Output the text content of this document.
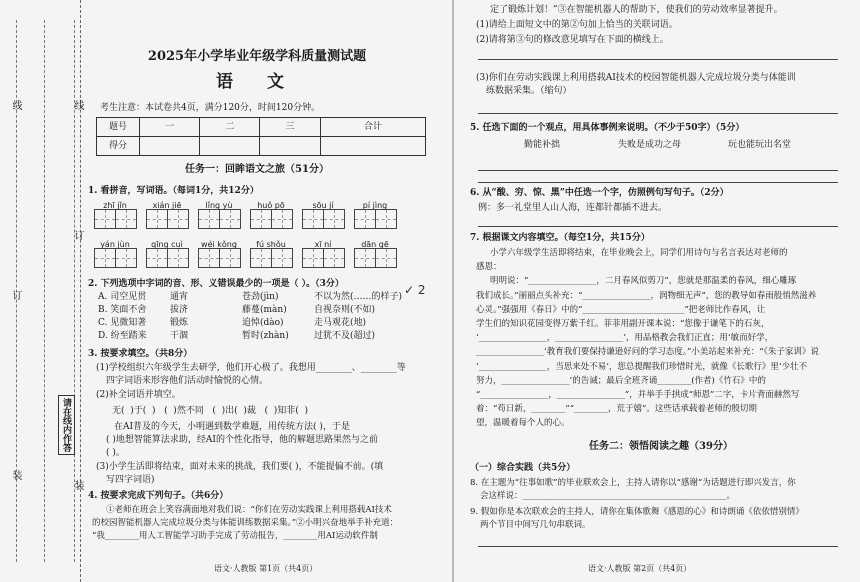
线
订
装
线
订
装
请在线内作答
2025年小学毕业年级学科质量测试题
语 文
考生注意：本试卷共4页，满分120分，时间120分钟。
题号	一	二	三	合计
得分				
任务一：回眸语文之旅（51分）
1. 看拼音，写词语。（每词1分，共12分）
zhī jǐn	xián jiē	lǐng yù	huǒ pō	sōu jí	pí jìng
yán jùn	qīng cuì	wéi kǒng	fú shǒu	xī ní	dān gē
2. 下列选项中字词的音、形、义错误最少的一项是（ ）。（3分）
A. 司空见贯	通宵	苍劲(jìn)	不以为然(……的样子)
B. 笑面不舍	拔济	藤蔓(màn)	自视奈则(不如)
C. 见微知著	锻炼	追悼(dào)	走马观花(地)
D. 纷至踏来	干涸	暂时(zhàn)	过犹不及(超过)
✓ 2
3. 按要求填空。（共8分）
(1)学校组织六年级学生去研学，他们开心极了。我想用________、________等
四字词语来形容他们活动时愉悦的心情。
(2)补全词语并填空。
无(  )于(  )   (  )然不同   (  )出(  )裁   (  )知非(  )
在AI普及的今天，小明遇到数学难题，用传统方法( )，于是
( )地想智能算法求助，经AI的个性化指导，他的解题思路果然与之前
( )。
(3)小学生活即将结束，面对未来的挑战，我们要( )，不能提偏不前。(填
写四字词语)
4. 按要求完成下列句子。（共6分）
①老师在班会上笑容满面地对我们说：“你们在劳动实践课上利用搭载AI技术
的校园智能机器人完成垃圾分类与体能训练数据采集。”②小明兴奋地举手补充道：
“我________用人工智能学习助手完成了劳动报告，________用AI运动软件制
语文·人教版 第1页（共4页）
定了锻炼计划！”③在智能机器人的帮助下，使我们的劳动效率显著提升。
(1)请给上面短文中的第②句加上恰当的关联词语。
(2)请将第③句的修改意见填写在下面的横线上。
(3)你们在劳动实践课上利用搭载AI技术的校园智能机器人完成垃圾分类与体能训
练数据采集。（缩句）
5. 任选下面的一个观点，用具体事例来说明。（不少于50字）（5分）
勤能补拙	失败是成功之母	玩也能玩出名堂
6. 从“酸、穷、惊、黑”中任选一个字，仿照例句写句子。（2分）
例：多一礼堂里人山人海，连都针都插不进去。
7. 根据课文内容填空。（每空1分，共15分）
小学六年级学生活即将结束，在毕业晚会上，同学们用诗句与名言表达对老师的
感恩：
明明说：“________________，二月春风似剪刀”，您就是那温柔的春风，细心雕琢
我们成长。”丽丽点头补充：“________________，润物细无声”，您的教导如春雨般悄然滋养
心灵。”强强用《春日》中的“________________________”把老师比作春风，让
学生们的知识花园变得万紫千红。菲菲用副开课本说：“您像于谦笔下的石灰，
‘________________，________________’，用品格教会我们正直；用‘敏而好学，
________________’教育我们要保持谦逊好问的学习态度。”小美站起来补充：“《朱子家训》说
‘________________，当思来处不易’，您总提醒我们珍惜时光，就像《长歌行》里‘少壮不
努力，________________’的告诫；最后全班齐诵________(作者)《竹石》中的
“________________，________________”，并举手手拱成“师恩”二字，卡片背面赫然写
着：“苟日新，________”“________，荒于嬉”。这些话承载着老师的殷切期
望，温暖着每个人的心。
任务二：领悟阅读之趣（39分）
（一）综合实践（共5分）
8. 在主题为“往事如歌”的毕业联欢会上，主持人请你以“感谢”为话题进行即兴发言，你
会这样说：________________________________________________。
9. 假如你是本次联欢会的主持人，请你在集体歌舞《感恩的心》和诗朗诵《依依惜别情》
两个节目中间写几句串联词。
语文·人教版 第2页（共4页）
